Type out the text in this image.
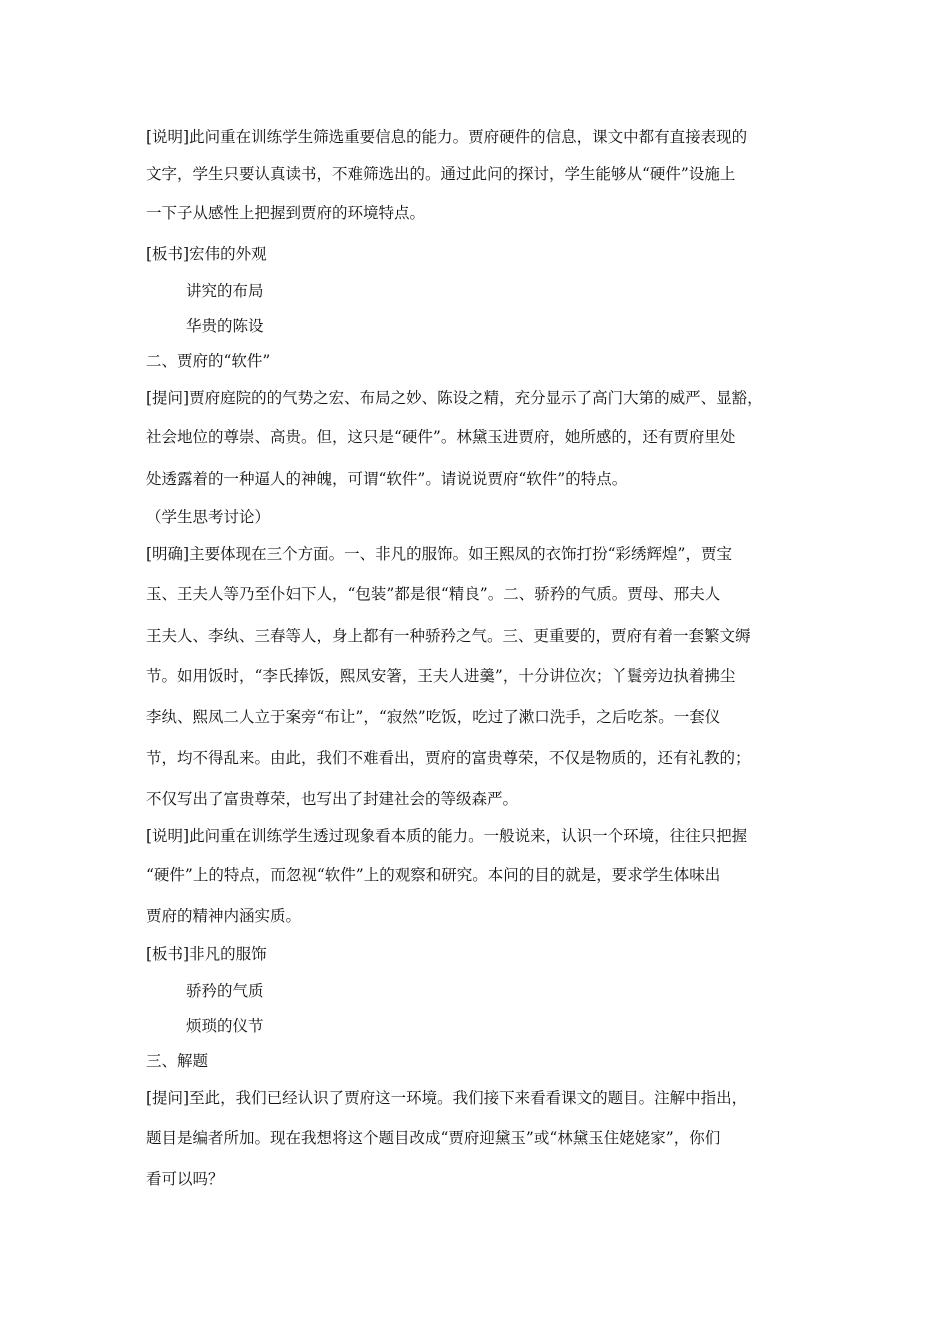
[说明]此问重在训练学生筛选重要信息的能力。贾府硬件的信息，课文中都有直接表现的
文字，学生只要认真读书，不难筛选出的。通过此问的探讨，学生能够从“硬件”设施上
一下子从感性上把握到贾府的环境特点。
[板书]宏伟的外观
讲究的布局
华贵的陈设
二、贾府的“软件”
[提问]贾府庭院的的气势之宏、布局之妙、陈设之精，充分显示了高门大第的威严、显豁，
社会地位的尊崇、高贵。但，这只是“硬件”。林黛玉进贾府，她所感的，还有贾府里处
处透露着的一种逼人的神魄，可谓“软件”。请说说贾府“软件”的特点。
（学生思考讨论）
[明确]主要体现在三个方面。一、非凡的服饰。如王熙凤的衣饰打扮“彩绣辉煌”，贾宝
玉、王夫人等乃至仆妇下人，“包装”都是很“精良”。二、骄矜的气质。贾母、邢夫人
王夫人、李纨、三春等人，身上都有一种骄矜之气。三、更重要的，贾府有着一套繁文缛
节。如用饭时，“李氏捧饭，熙凤安箸，王夫人进羹”，十分讲位次；丫鬟旁边执着拂尘
李纨、熙凤二人立于案旁“布让”，“寂然”吃饭，吃过了漱口洗手，之后吃茶。一套仪
节，均不得乱来。由此，我们不难看出，贾府的富贵尊荣，不仅是物质的，还有礼教的；
不仅写出了富贵尊荣，也写出了封建社会的等级森严。
[说明]此问重在训练学生透过现象看本质的能力。一般说来，认识一个环境，往往只把握
“硬件”上的特点，而忽视“软件”上的观察和研究。本问的目的就是，要求学生体味出
贾府的精神内涵实质。
[板书]非凡的服饰
骄矜的气质
烦琐的仪节
三、解题
[提问]至此，我们已经认识了贾府这一环境。我们接下来看看课文的题目。注解中指出，
题目是编者所加。现在我想将这个题目改成“贾府迎黛玉”或“林黛玉住姥姥家”，你们
看可以吗？
